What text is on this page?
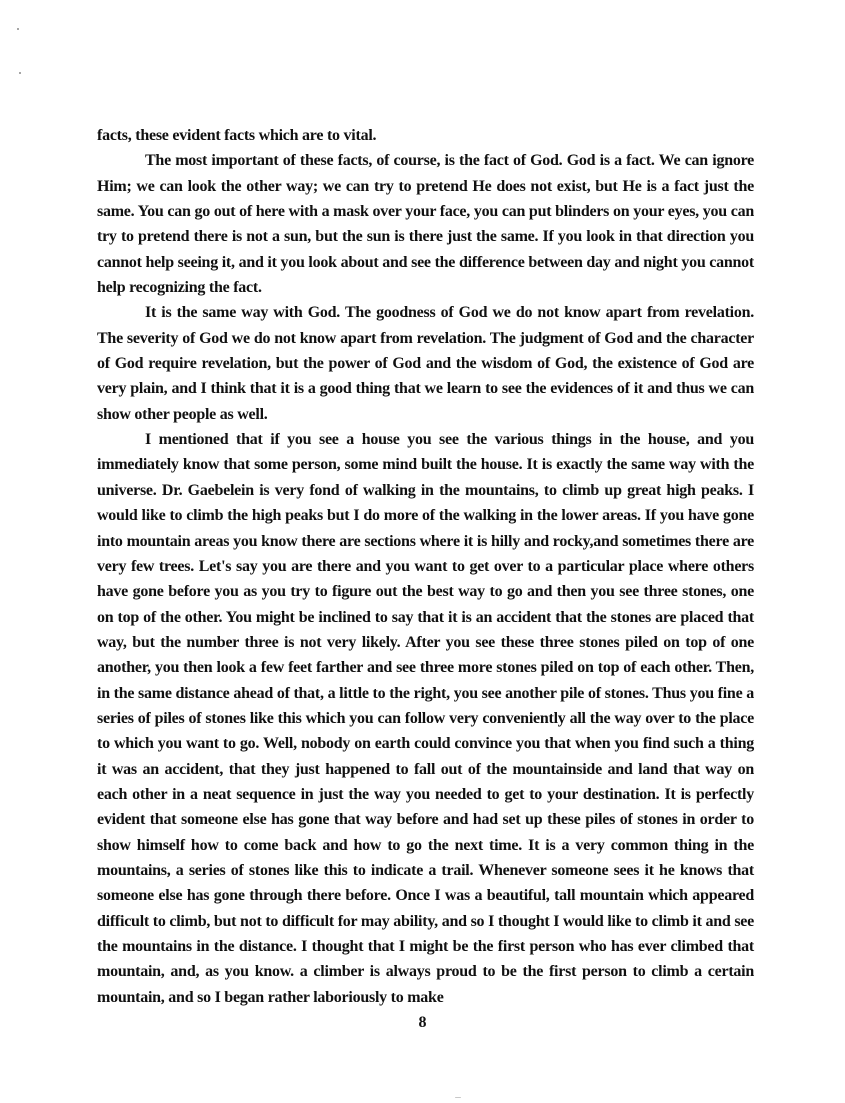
facts, these evident facts which are to vital.

The most important of these facts, of course, is the fact of God. God is a fact. We can ignore Him; we can look the other way; we can try to pretend He does not exist, but He is a fact just the same. You can go out of here with a mask over your face, you can put blinders on your eyes, you can try to pretend there is not a sun, but the sun is there just the same. If you look in that direction you cannot help seeing it, and it you look about and see the difference between day and night you cannot help recognizing the fact.

It is the same way with God. The goodness of God we do not know apart from revelation. The severity of God we do not know apart from revelation. The judgment of God and the character of God require revelation, but the power of God and the wisdom of God, the existence of God are very plain, and I think that it is a good thing that we learn to see the evidences of it and thus we can show other people as well.

I mentioned that if you see a house you see the various things in the house, and you immediately know that some person, some mind built the house. It is exactly the same way with the universe. Dr. Gaebelein is very fond of walking in the mountains, to climb up great high peaks. I would like to climb the high peaks but I do more of the walking in the lower areas. If you have gone into mountain areas you know there are sections where it is hilly and rocky,and sometimes there are very few trees. Let's say you are there and you want to get over to a particular place where others have gone before you as you try to figure out the best way to go and then you see three stones, one on top of the other. You might be inclined to say that it is an accident that the stones are placed that way, but the number three is not very likely. After you see these three stones piled on top of one another, you then look a few feet farther and see three more stones piled on top of each other. Then, in the same distance ahead of that, a little to the right, you see another pile of stones. Thus you fine a series of piles of stones like this which you can follow very conveniently all the way over to the place to which you want to go. Well, nobody on earth could convince you that when you find such a thing it was an accident, that they just happened to fall out of the mountainside and land that way on each other in a neat sequence in just the way you needed to get to your destination. It is perfectly evident that someone else has gone that way before and had set up these piles of stones in order to show himself how to come back and how to go the next time. It is a very common thing in the mountains, a series of stones like this to indicate a trail. Whenever someone sees it he knows that someone else has gone through there before. Once I was a beautiful, tall mountain which appeared difficult to climb, but not to difficult for may ability, and so I thought I would like to climb it and see the mountains in the distance. I thought that I might be the first person who has ever climbed that mountain, and, as you know. a climber is always proud to be the first person to climb a certain mountain, and so I began rather laboriously to make

8
